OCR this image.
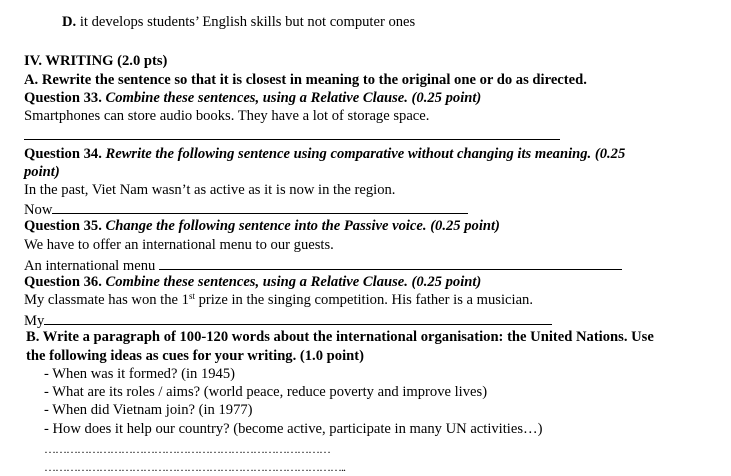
D. it develops students’ English skills but not computer ones
IV. WRITING (2.0 pts)
A. Rewrite the sentence so that it is closest in meaning to the original one or do as directed.
Question 33. Combine these sentences, using a Relative Clause. (0.25 point)
Smartphones can store audio books. They have a lot of storage space.
Question 34. Rewrite the following sentence using comparative without changing its meaning. (0.25
point)
In the past, Viet Nam wasn’t as active as it is now in the region.
Now
Question 35. Change the following sentence into the Passive voice. (0.25 point)
We have to offer an international menu to our guests.
An international menu
Question 36. Combine these sentences, using a Relative Clause. (0.25 point)
My classmate has won the 1st prize in the singing competition. His father is a musician.
My
B. Write a paragraph of 100-120 words about the international organisation: the United Nations. Use
the following ideas as cues for your writing. (1.0 point)
- When was it formed? (in 1945)
- What are its roles / aims? (world peace, reduce poverty and improve lives)
- When did Vietnam join? (in 1977)
- How does it help our country? (become active, participate in many UN activities…)
……………………………………………………………………
………………………………………………………………………..
